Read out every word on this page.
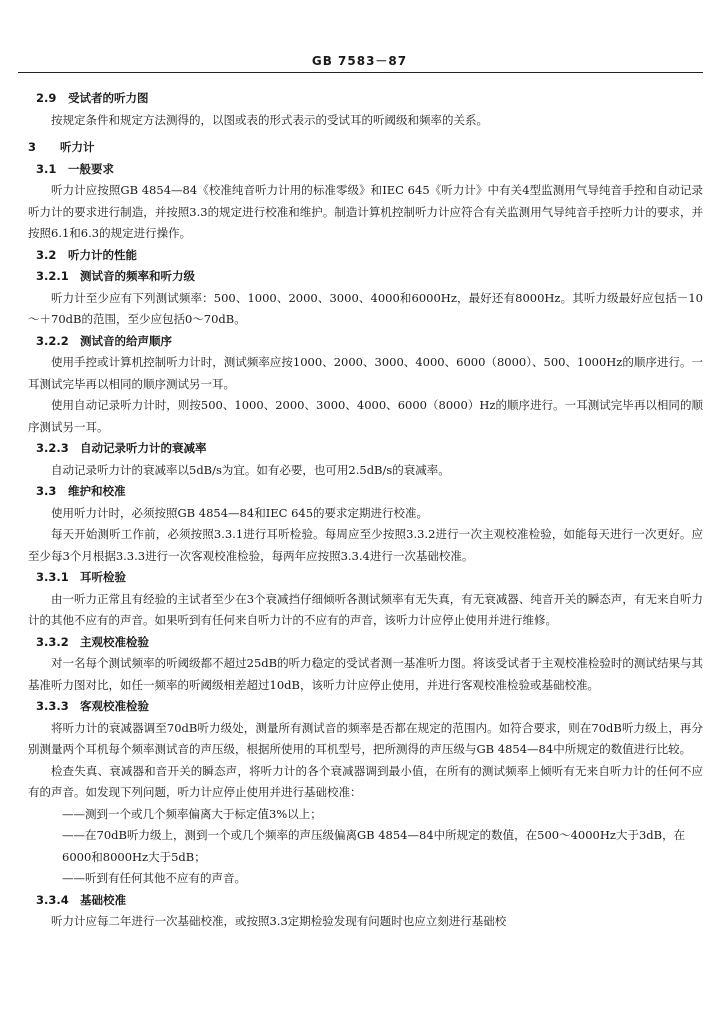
GB 7583－87
2.9 受试者的听力图
按规定条件和规定方法测得的，以图或表的形式表示的受试耳的听阈级和频率的关系。
3 听力计
3.1 一般要求
听力计应按照GB 4854—84《校准纯音听力计用的标准零级》和IEC 645《听力计》中有关4型监测用气导纯音手控和自动记录听力计的要求进行制造，并按照3.3的规定进行校准和维护。制造计算机控制听力计应符合有关监测用气导纯音手控听力计的要求，并按照6.1和6.3的规定进行操作。
3.2 听力计的性能
3.2.1 测试音的频率和听力级
听力计至少应有下列测试频率：500、1000、2000、3000、4000和6000Hz，最好还有8000Hz。其听力级最好应包括－10～＋70dB的范围，至少应包括0～70dB。
3.2.2 测试音的给声顺序
使用手控或计算机控制听力计时，测试频率应按1000、2000、3000、4000、6000（8000）、500、1000Hz的顺序进行。一耳测试完毕再以相同的顺序测试另一耳。
使用自动记录听力计时，则按500、1000、2000、3000、4000、6000（8000）Hz的顺序进行。一耳测试完毕再以相同的顺序测试另一耳。
3.2.3 自动记录听力计的衰减率
自动记录听力计的衰减率以5dB/s为宜。如有必要，也可用2.5dB/s的衰减率。
3.3 维护和校准
使用听力计时，必须按照GB 4854—84和IEC 645的要求定期进行校准。
每天开始测听工作前，必须按照3.3.1进行耳听检验。每周应至少按照3.3.2进行一次主观校准检验，如能每天进行一次更好。应至少每3个月根据3.3.3进行一次客观校准检验，每两年应按照3.3.4进行一次基础校准。
3.3.1 耳听检验
由一听力正常且有经验的主试者至少在3个衰减挡仔细倾听各测试频率有无失真，有无衰减器、纯音开关的瞬态声，有无来自听力计的其他不应有的声音。如果听到有任何来自听力计的不应有的声音，该听力计应停止使用并进行维修。
3.3.2 主观校准检验
对一名每个测试频率的听阈级都不超过25dB的听力稳定的受试者测一基准听力图。将该受试者于主观校准检验时的测试结果与其基准听力图对比，如任一频率的听阈级相差超过10dB，该听力计应停止使用，并进行客观校准检验或基础校准。
3.3.3 客观校准检验
将听力计的衰减器调至70dB听力级处，测量所有测试音的频率是否都在规定的范围内。如符合要求，则在70dB听力级上，再分别测量两个耳机每个频率测试音的声压级，根据所使用的耳机型号，把所测得的声压级与GB 4854—84中所规定的数值进行比较。
检查失真、衰减器和音开关的瞬态声，将听力计的各个衰减器调到最小值，在所有的测试频率上倾听有无来自听力计的任何不应有的声音。如发现下列问题，听力计应停止使用并进行基础校准：
——测到一个或几个频率偏离大于标定值3%以上；
——在70dB听力级上，测到一个或几个频率的声压级偏离GB 4854—84中所规定的数值，在500～4000Hz大于3dB，在6000和8000Hz大于5dB；
——听到有任何其他不应有的声音。
3.3.4 基础校准
听力计应每二年进行一次基础校准，或按照3.3定期检验发现有问题时也应立刻进行基础校
